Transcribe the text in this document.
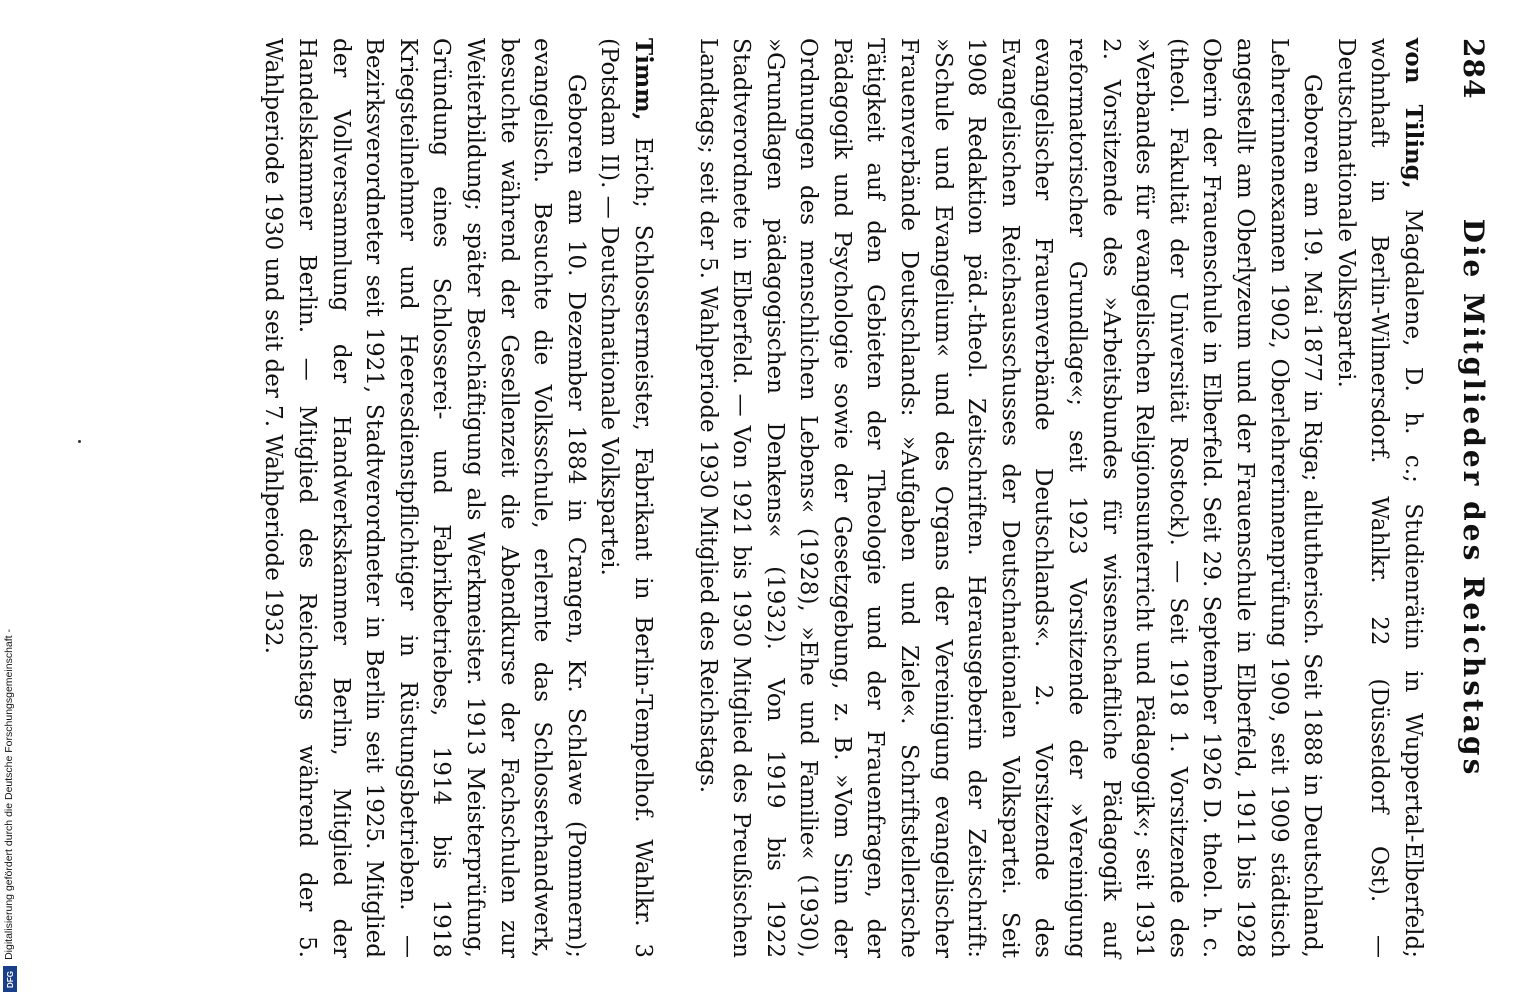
284
Die Mitglieder des Reichstags

von Tiling, Magdalene, D. h. c.; Studienrätin in Wuppertal-Elberfeld; wohnhaft in Berlin-Wilmersdorf. Wahlkr. 22 (Düsseldorf Ost). — Deutschnationale Volkspartei.

Geboren am 19. Mai 1877 in Riga; altlutherisch. Seit 1888 in Deutschland, Lehrerinnenexamen 1902, Oberlehrerinnenprüfung 1909, seit 1909 städtisch angestellt am Oberlyzeum und der Frauenschule in Elberfeld, 1911 bis 1928 Oberin der Frauenschule in Elberfeld. Seit 29. September 1926 D. theol. h. c. (theol. Fakultät der Universität Rostock). — Seit 1918 1. Vorsitzende des »Verbandes für evangelischen Religionsunterricht und Pädagogik«; seit 1931 2. Vorsitzende des »Arbeitsbundes für wissenschaftliche Pädagogik auf reformatorischer Grundlage«; seit 1923 Vorsitzende der »Vereinigung evangelischer Frauenverbände Deutschlands«. 2. Vorsitzende des Evangelischen Reichsausschusses der Deutschnationalen Volkspartei. Seit 1908 Redaktion päd.-theol. Zeitschriften. Herausgeberin der Zeitschrift: »Schule und Evangelium« und des Organs der Vereinigung evangelischer Frauenverbände Deutschlands: »Aufgaben und Ziele«. Schriftstellerische Tätigkeit auf den Gebieten der Theologie und der Frauenfragen, der Pädagogik und Psychologie sowie der Gesetzgebung, z. B. »Vom Sinn der Ordnungen des menschlichen Lebens« (1928), »Ehe und Familie« (1930), »Grundlagen pädagogischen Denkens« (1932). Von 1919 bis 1922 Stadtverordnete in Elberfeld. — Von 1921 bis 1930 Mitglied des Preußischen Landtags; seit der 5. Wahlperiode 1930 Mitglied des Reichstags.

Timm, Erich; Schlossermeister, Fabrikant in Berlin-Tempelhof. Wahlkr. 3 (Potsdam II). — Deutschnationale Volkspartei.

Geboren am 10. Dezember 1884 in Crangen, Kr. Schlawe (Pommern); evangelisch. Besuchte die Volksschule, erlernte das Schlosserhandwerk, besuchte während der Gesellenzeit die Abendkurse der Fachschulen zur Weiterbildung; später Beschäftigung als Werkmeister. 1913 Meisterprüfung, Gründung eines Schlosserei- und Fabrikbetriebes, 1914 bis 1918 Kriegsteilnehmer und Heeresdienstpflichtiger in Rüstungsbetrieben. — Bezirksverordneter seit 1921, Stadtverordneter in Berlin seit 1925. Mitglied der Vollversammlung der Handwerkskammer Berlin, Mitglied der Handelskammer Berlin. — Mitglied des Reichstags während der 5. Wahlperiode 1930 und seit der 7. Wahlperiode 1932.

Digitalisierung gefördert durch die Deutsche Forschungsgemeinschaft -
DFG
